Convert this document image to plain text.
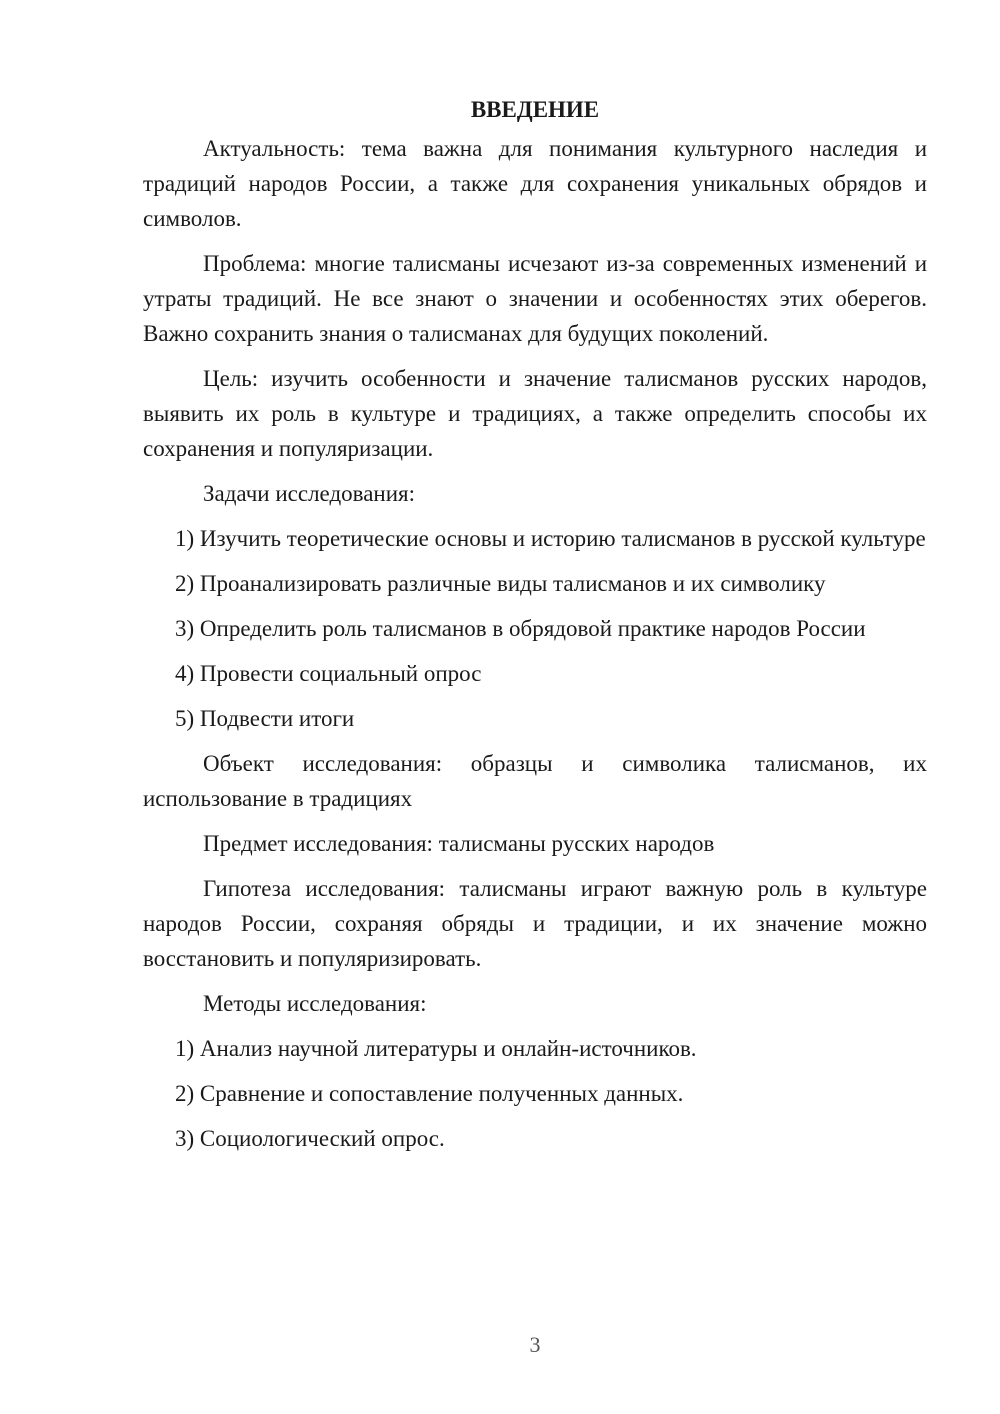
ВВЕДЕНИЕ

Актуальность: тема важна для понимания культурного наследия и традиций народов России, а также для сохранения уникальных обрядов и символов.

Проблема: многие талисманы исчезают из-за современных изменений и утраты традиций. Не все знают о значении и особенностях этих оберегов. Важно сохранить знания о талисманах для будущих поколений.

Цель: изучить особенности и значение талисманов русских народов, выявить их роль в культуре и традициях, а также определить способы их сохранения и популяризации.

Задачи исследования:

1) Изучить теоретические основы и историю талисманов в русской культуре

2) Проанализировать различные виды талисманов и их символику

3) Определить роль талисманов в обрядовой практике народов России

4) Провести социальный опрос

5) Подвести итоги

Объект исследования: образцы и символика талисманов, их использование в традициях

Предмет исследования: талисманы русских народов

Гипотеза исследования: талисманы играют важную роль в культуре народов России, сохраняя обряды и традиции, и их значение можно восстановить и популяризировать.

Методы исследования:

1) Анализ научной литературы и онлайн-источников.

2) Сравнение и сопоставление полученных данных.

3) Социологический опрос.

3
